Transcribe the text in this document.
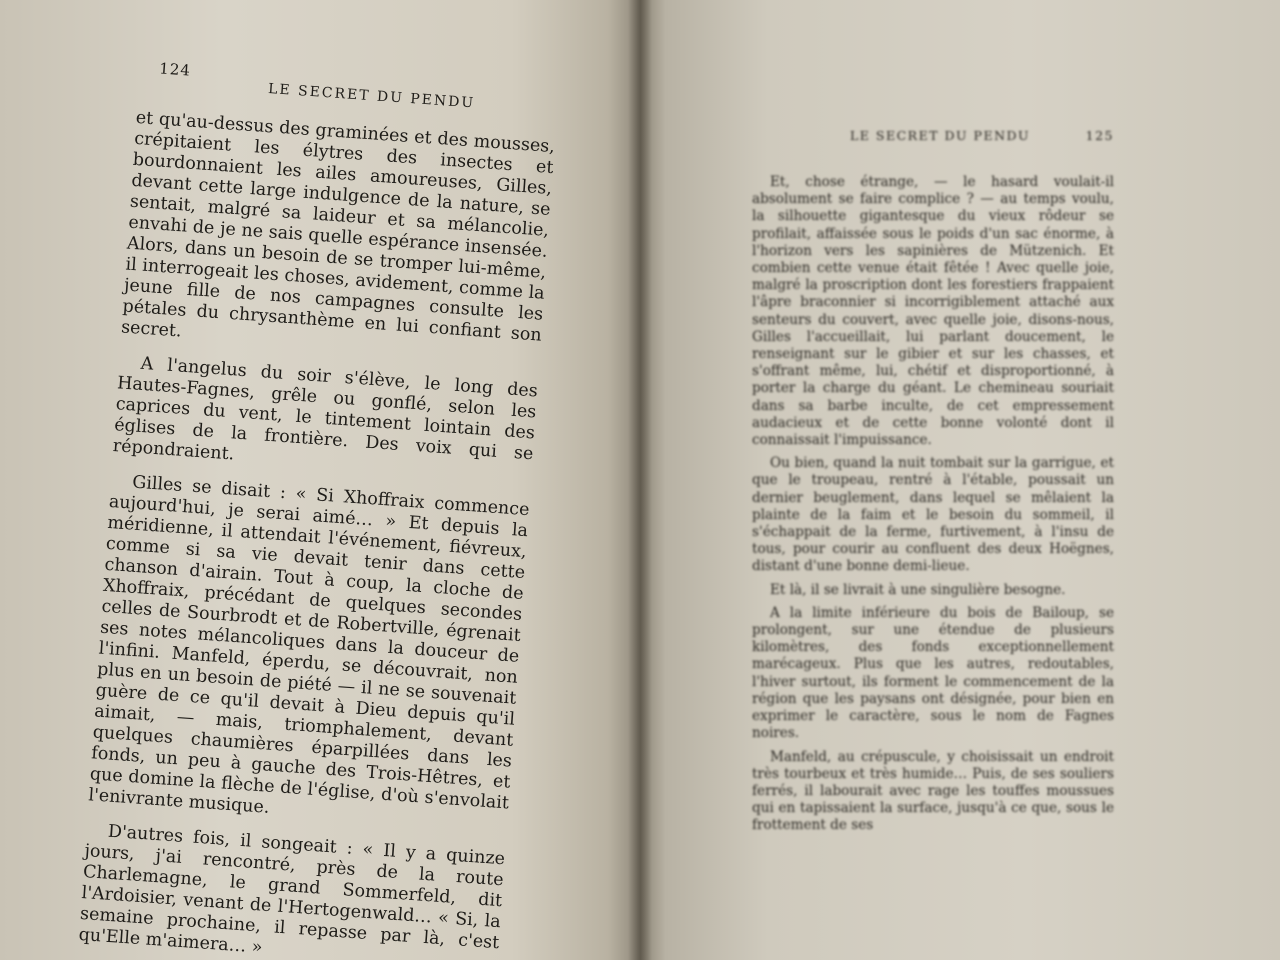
124
LE SECRET DU PENDU

et qu'au-dessus des graminées et des mousses, crépitaient les élytres des insectes et bourdonnaient les ailes amoureuses, Gilles, devant cette large indulgence de la nature, se sentait, malgré sa laideur et sa mélancolie, envahi de je ne sais quelle espérance insensée. Alors, dans un besoin de se tromper lui-même, il interrogeait les choses, avidement, comme la jeune fille de nos campagnes consulte les pétales du chrysanthème en lui confiant son secret.

A l'angelus du soir s'élève, le long des Hautes-Fagnes, grêle ou gonflé, selon les caprices du vent, le tintement lointain des églises de la frontière. Des voix qui se répondraient.

Gilles se disait : « Si Xhoffraix commence aujourd'hui, je serai aimé… » Et depuis la méridienne, il attendait l'événement, fiévreux, comme si sa vie devait tenir dans cette chanson d'airain. Tout à coup, la cloche de Xhoffraix, précédant de quelques secondes celles de Sourbrodt et de Robertville, égrenait ses notes mélancoliques dans la douceur de l'infini. Manfeld, éperdu, se découvrait, non plus en un besoin de piété — il ne se souvenait guère de ce qu'il devait à Dieu depuis qu'il aimait, — mais, triomphalement, devant quelques chaumières éparpillées dans les fonds, un peu à gauche des Trois-Hêtres, et que domine la flèche de l'église, d'où s'envolait l'enivrante musique.

D'autres fois, il songeait : « Il y a quinze jours, j'ai rencontré, près de la route Charlemagne, le grand Sommerfeld, dit l'Ardoisier, venant de l'Hertogenwald… « Si, la semaine prochaine, il repasse par là, c'est qu'Elle m'aimera… »

LE SECRET DU PENDU	125

Et, chose étrange, — le hasard voulait-il absolument se faire complice ? — au temps voulu, la silhouette gigantesque du vieux rôdeur se profilait, affaissée sous le poids d'un sac énorme, à l'horizon vers les sapinières de Mützenich. Et combien cette venue était fêtée ! Avec quelle joie, malgré la proscription dont les forestiers frappaient l'âpre braconnier si incorrigiblement attaché aux senteurs du couvert, avec quelle joie, disons-nous, Gilles l'accueillait, lui parlant doucement, le renseignant sur le gibier et sur les chasses, et s'offrant même, lui, chétif et disproportionné, à porter la charge du géant. Le chemineau souriait dans sa barbe inculte, de cet empressement audacieux et de cette bonne volonté dont il connaissait l'impuissance.

Ou bien, quand la nuit tombait sur la garrigue, et que le troupeau, rentré à l'étable, poussait un dernier beuglement, dans lequel se mêlaient la plainte de la faim et le besoin du sommeil, il s'échappait de la ferme, furtivement, à l'insu de tous, pour courir au confluent des deux Hoëgnes, distant d'une bonne demi-lieue.

Et là, il se livrait à une singulière besogne.

A la limite inférieure du bois de Bailoup, se prolongent, sur une étendue de plusieurs kilomètres, des fonds exceptionnellement marécageux. Plus que les autres, redoutables, l'hiver surtout, ils forment le commencement de la région que les paysans ont désignée, pour bien en exprimer le caractère, sous le nom de Fagnes noires.

Manfeld, au crépuscule, y choisissait un endroit très tourbeux et très humide… Puis, de ses souliers ferrés, il labourait avec rage les touffes moussues qui en tapissaient la surface, jusqu'à ce que, sous le frottement de ses
